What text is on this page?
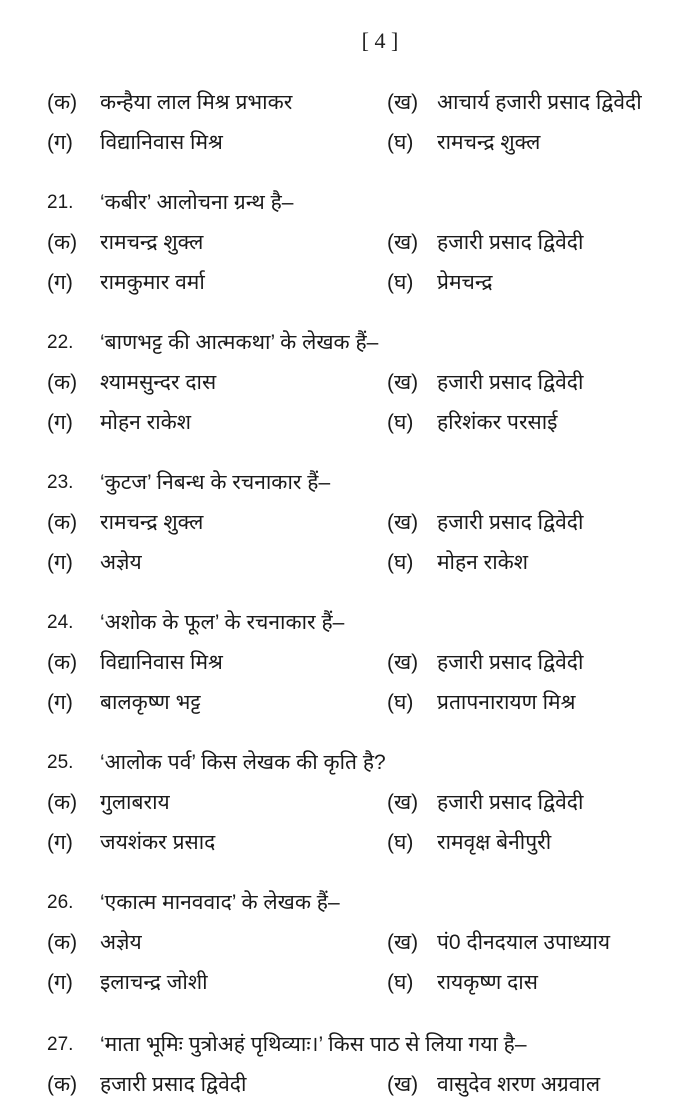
[ 4 ]
(क) कन्हैया लाल मिश्र प्रभाकर	(ख) आचार्य हजारी प्रसाद द्विवेदी
(ग) विद्यानिवास मिश्र	(घ) रामचन्द्र शुक्ल
21. ‘कबीर’ आलोचना ग्रन्थ है–
(क) रामचन्द्र शुक्ल	(ख) हजारी प्रसाद द्विवेदी
(ग) रामकुमार वर्मा	(घ) प्रेमचन्द्र
22. ‘बाणभट्ट की आत्मकथा’ के लेखक हैं–
(क) श्यामसुन्दर दास	(ख) हजारी प्रसाद द्विवेदी
(ग) मोहन राकेश	(घ) हरिशंकर परसाई
23. ‘कुटज’ निबन्ध के रचनाकार हैं–
(क) रामचन्द्र शुक्ल	(ख) हजारी प्रसाद द्विवेदी
(ग) अज्ञेय	(घ) मोहन राकेश
24. ‘अशोक के फूल’ के रचनाकार हैं–
(क) विद्यानिवास मिश्र	(ख) हजारी प्रसाद द्विवेदी
(ग) बालकृष्ण भट्ट	(घ) प्रतापनारायण मिश्र
25. ‘आलोक पर्व’ किस लेखक की कृति है?
(क) गुलाबराय	(ख) हजारी प्रसाद द्विवेदी
(ग) जयशंकर प्रसाद	(घ) रामवृक्ष बेनीपुरी
26. ‘एकात्म मानववाद’ के लेखक हैं–
(क) अज्ञेय	(ख) पं0 दीनदयाल उपाध्याय
(ग) इलाचन्द्र जोशी	(घ) रायकृष्ण दास
27. ‘माता भूमिः पुत्रोअहं पृथिव्याः।’ किस पाठ से लिया गया है–
(क) हजारी प्रसाद द्विवेदी	(ख) वासुदेव शरण अग्रवाल
